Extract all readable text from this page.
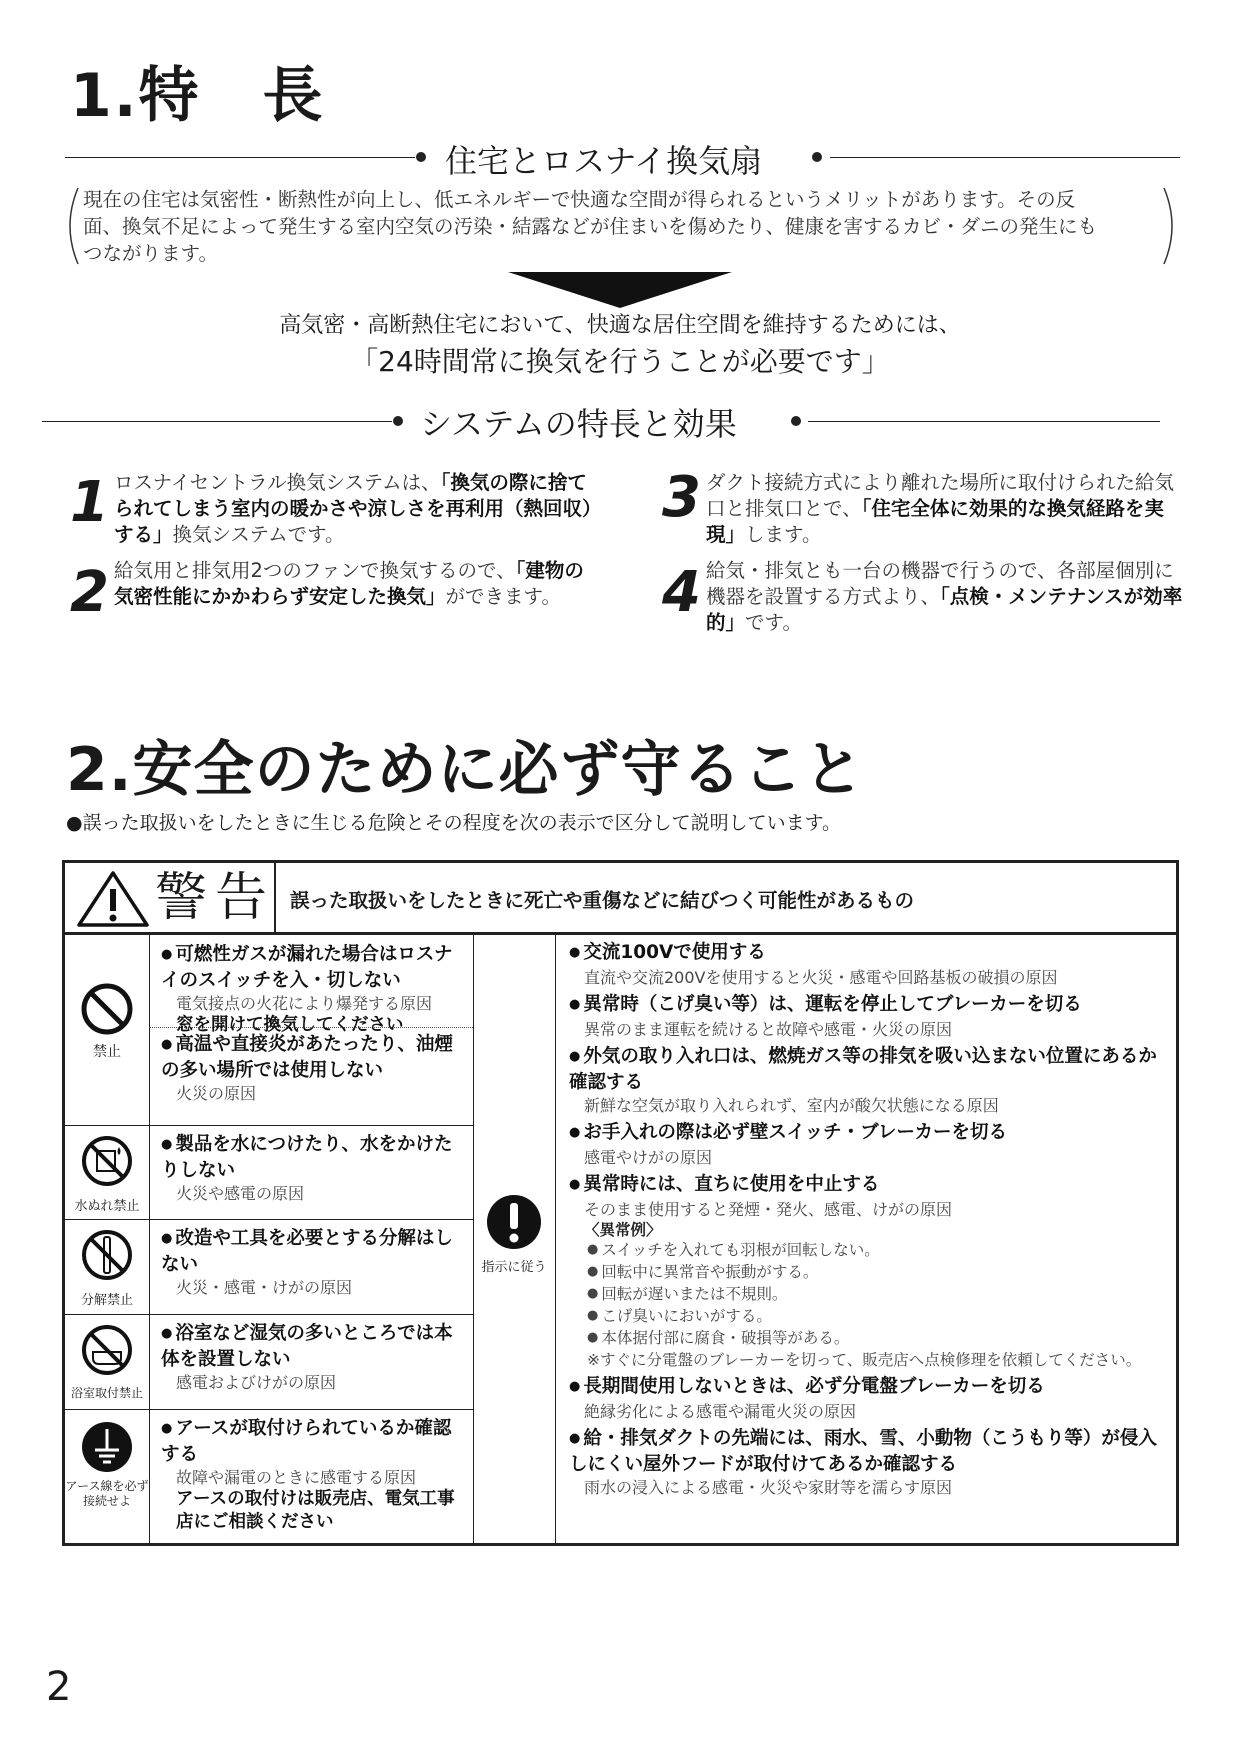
1.特　長
住宅とロスナイ換気扇
現在の住宅は気密性・断熱性が向上し、低エネルギーで快適な空間が得られるというメリットがあります。その反
面、換気不足によって発生する室内空気の汚染・結露などが住まいを傷めたり、健康を害するカビ・ダニの発生にも
つながります。
高気密・高断熱住宅において、快適な居住空間を維持するためには、
「24時間常に換気を行うことが必要です」
システムの特長と効果
1 ロスナイセントラル換気システムは、「換気の際に捨てられてしまう室内の暖かさや涼しさを再利用（熱回収）する」換気システムです。
2 給気用と排気用2つのファンで換気するので、「建物の気密性能にかかわらず安定した換気」ができます。
3 ダクト接続方式により離れた場所に取付けられた給気口と排気口とで、「住宅全体に効果的な換気経路を実現」します。
4 給気・排気とも一台の機器で行うので、各部屋個別に機器を設置する方式より、「点検・メンテナンスが効率的」です。
2.安全のために必ず守ること
●誤った取扱いをしたときに生じる危険とその程度を次の表示で区分して説明しています。
警告 誤った取扱いをしたときに死亡や重傷などに結びつく可能性があるもの
禁止
水ぬれ禁止
分解禁止
浴室取付禁止
アース線を必ず接続せよ
指示に従う
● 可燃性ガスが漏れた場合はロスナイのスイッチを入・切しない
電気接点の火花により爆発する原因
窓を開けて換気してください
● 高温や直接炎があたったり、油煙の多い場所では使用しない
火災の原因
● 製品を水につけたり、水をかけたりしない
火災や感電の原因
● 改造や工具を必要とする分解はしない
火災・感電・けがの原因
● 浴室など湿気の多いところでは本体を設置しない
感電およびけがの原因
● アースが取付けられているか確認する
故障や漏電のときに感電する原因
アースの取付けは販売店、電気工事店にご相談ください
● 交流100Vで使用する
直流や交流200Vを使用すると火災・感電や回路基板の破損の原因
● 異常時（こげ臭い等）は、運転を停止してブレーカーを切る
異常のまま運転を続けると故障や感電・火災の原因
● 外気の取り入れ口は、燃焼ガス等の排気を吸い込まない位置にあるか確認する
新鮮な空気が取り入れられず、室内が酸欠状態になる原因
● お手入れの際は必ず壁スイッチ・ブレーカーを切る
感電やけがの原因
● 異常時には、直ちに使用を中止する
そのまま使用すると発煙・発火、感電、けがの原因
〈異常例〉
● スイッチを入れても羽根が回転しない。
● 回転中に異常音や振動がする。
● 回転が遅いまたは不規則。
● こげ臭いにおいがする。
● 本体据付部に腐食・破損等がある。
※すぐに分電盤のブレーカーを切って、販売店へ点検修理を依頼してください。
● 長期間使用しないときは、必ず分電盤ブレーカーを切る
絶縁劣化による感電や漏電火災の原因
● 給・排気ダクトの先端には、雨水、雪、小動物（こうもり等）が侵入しにくい屋外フードが取付けてあるか確認する
雨水の浸入による感電・火災や家財等を濡らす原因
2
